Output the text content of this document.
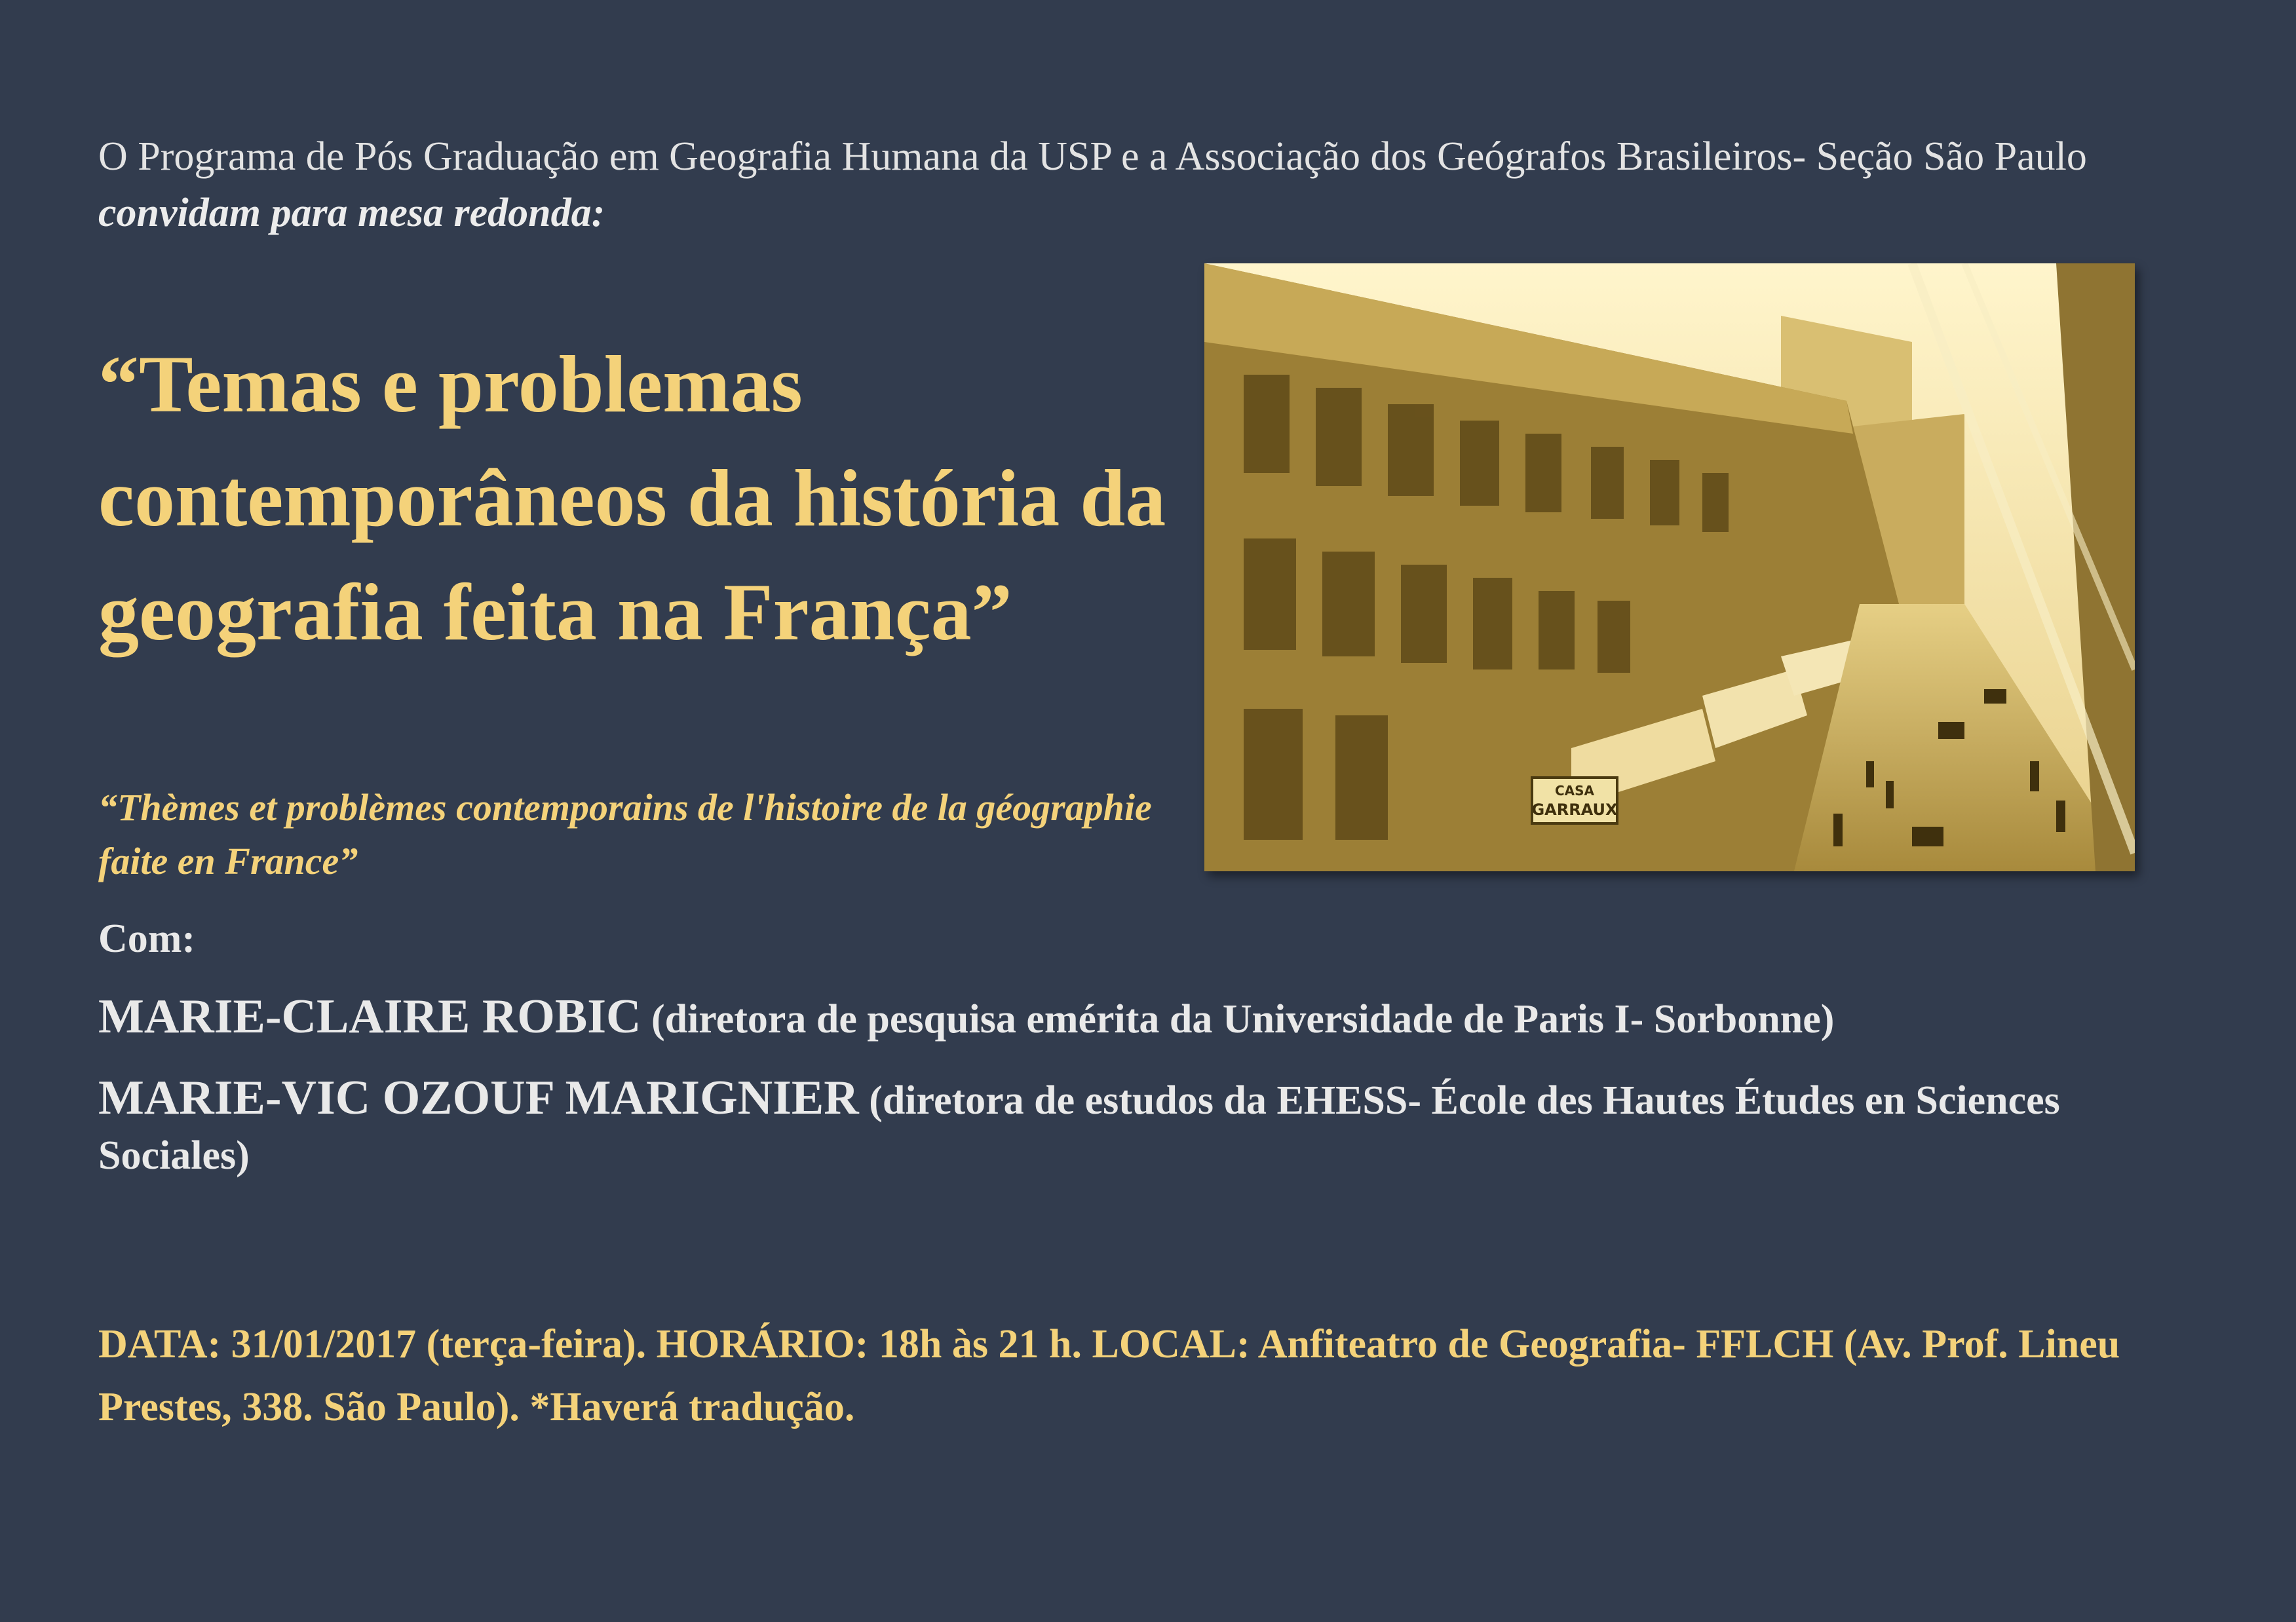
O Programa de Pós Graduação em Geografia Humana da USP e a Associação dos Geógrafos Brasileiros- Seção São Paulo convidam para mesa redonda:
“Temas e problemas contemporâneos da história da geografia feita na França”
“Thèmes et problèmes contemporains de l'histoire de la géographie faite en France”
CASA
GARRAUX
Com:
MARIE-CLAIRE ROBIC (diretora de pesquisa emérita da Universidade de Paris I- Sorbonne)
MARIE-VIC OZOUF MARIGNIER (diretora de estudos da EHESS- École des Hautes Études en Sciences Sociales)
DATA: 31/01/2017 (terça-feira). HORÁRIO: 18h às 21 h. LOCAL: Anfiteatro de Geografia- FFLCH (Av. Prof. Lineu Prestes, 338. São Paulo). *Haverá tradução.
